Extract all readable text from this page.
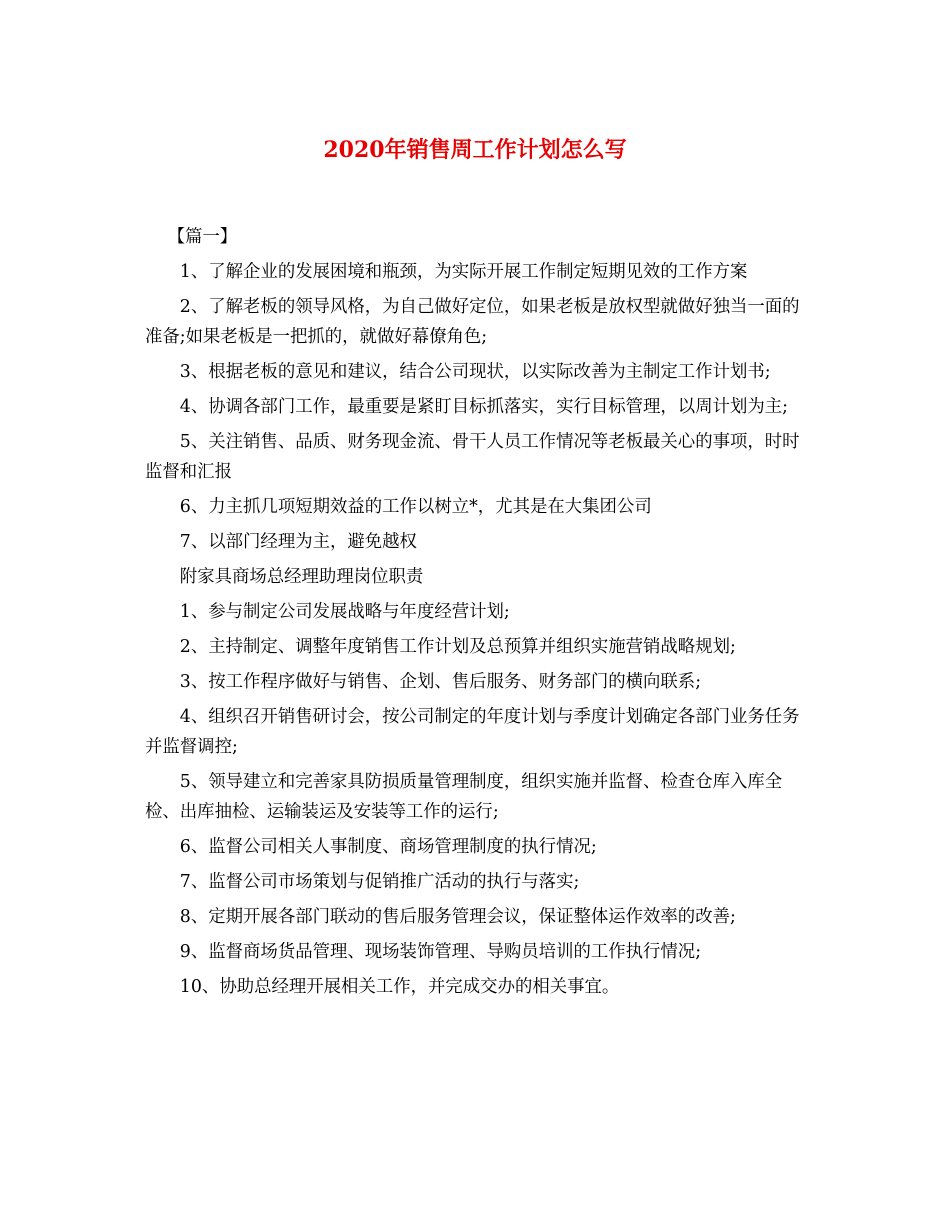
2020年销售周工作计划怎么写

【篇一】

1、了解企业的发展困境和瓶颈，为实际开展工作制定短期见效的工作方案

2、了解老板的领导风格，为自己做好定位，如果老板是放权型就做好独当一面的准备;如果老板是一把抓的，就做好幕僚角色;

3、根据老板的意见和建议，结合公司现状，以实际改善为主制定工作计划书;

4、协调各部门工作，最重要是紧盯目标抓落实，实行目标管理，以周计划为主;

5、关注销售、品质、财务现金流、骨干人员工作情况等老板最关心的事项，时时监督和汇报

6、力主抓几项短期效益的工作以树立*，尤其是在大集团公司

7、以部门经理为主，避免越权

附家具商场总经理助理岗位职责

1、参与制定公司发展战略与年度经营计划;

2、主持制定、调整年度销售工作计划及总预算并组织实施营销战略规划;

3、按工作程序做好与销售、企划、售后服务、财务部门的横向联系;

4、组织召开销售研讨会，按公司制定的年度计划与季度计划确定各部门业务任务并监督调控;

5、领导建立和完善家具防损质量管理制度，组织实施并监督、检查仓库入库全检、出库抽检、运输装运及安装等工作的运行;

6、监督公司相关人事制度、商场管理制度的执行情况;

7、监督公司市场策划与促销推广活动的执行与落实;

8、定期开展各部门联动的售后服务管理会议，保证整体运作效率的改善;

9、监督商场货品管理、现场装饰管理、导购员培训的工作执行情况;

10、协助总经理开展相关工作，并完成交办的相关事宜。
